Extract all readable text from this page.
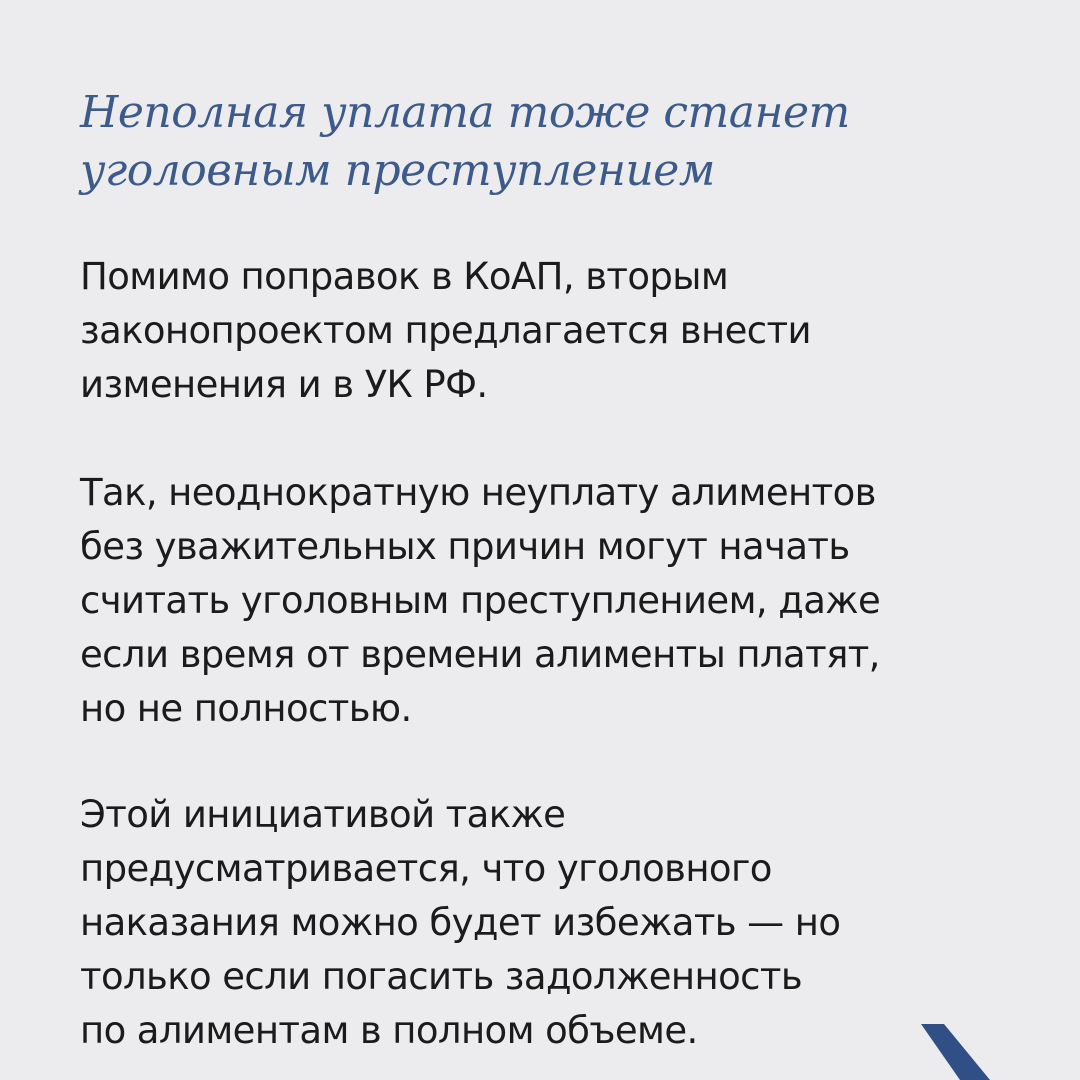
Неполная уплата тоже станет
уголовным преступлением

Помимо поправок в КоАП, вторым
законопроектом предлагается внести
изменения и в УК РФ.

Так, неоднократную неуплату алиментов
без уважительных причин могут начать
считать уголовным преступлением, даже
если время от времени алименты платят,
но не полностью.

Этой инициативой также
предусматривается, что уголовного
наказания можно будет избежать — но
только если погасить задолженность
по алиментам в полном объеме.
